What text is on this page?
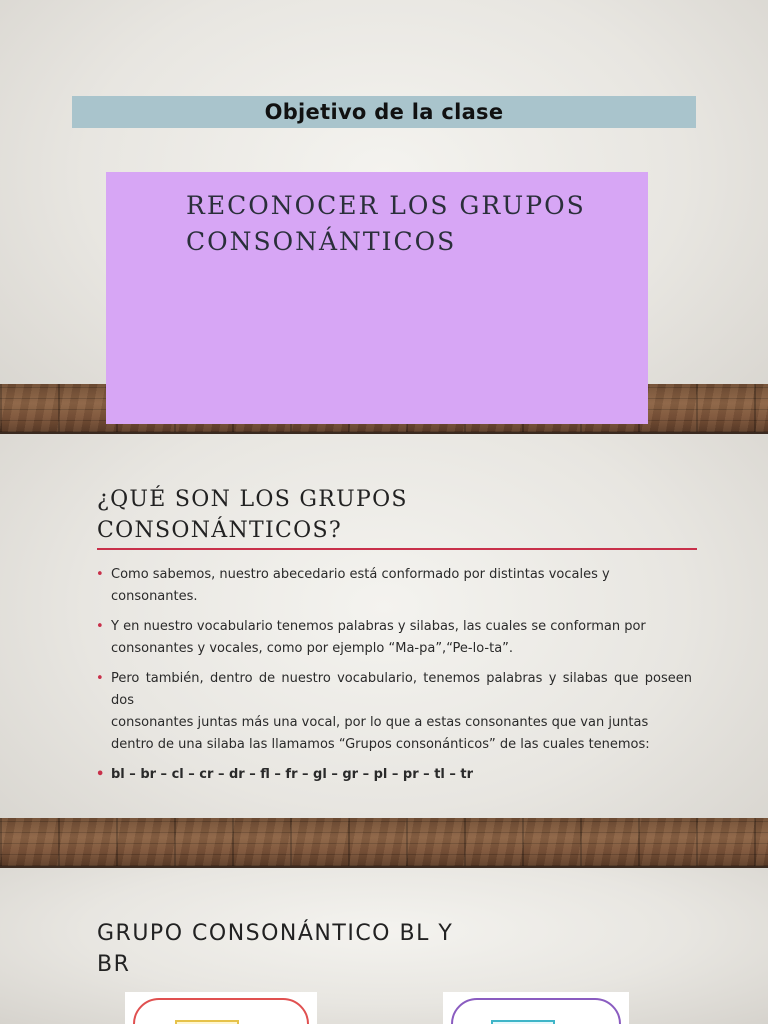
Objetivo de la clase
RECONOCER LOS GRUPOS CONSONÁNTICOS
¿QUÉ SON LOS GRUPOS
CONSONÁNTICOS?
• Como sabemos, nuestro abecedario está conformado por distintas vocales y
consonantes.
• Y en nuestro vocabulario tenemos palabras y silabas, las cuales se conforman por
consonantes y vocales, como por ejemplo “Ma-pa”,“Pe-lo-ta”.
• Pero también, dentro de nuestro vocabulario, tenemos palabras y silabas que poseen dos
consonantes juntas más una vocal, por lo que a estas consonantes que van juntas
dentro de una silaba las llamamos “Grupos consonánticos” de las cuales tenemos:
• bl – br – cl – cr – dr – fl – fr – gl – gr – pl – pr – tl – tr
GRUPO CONSONÁNTICO BL Y
BR
